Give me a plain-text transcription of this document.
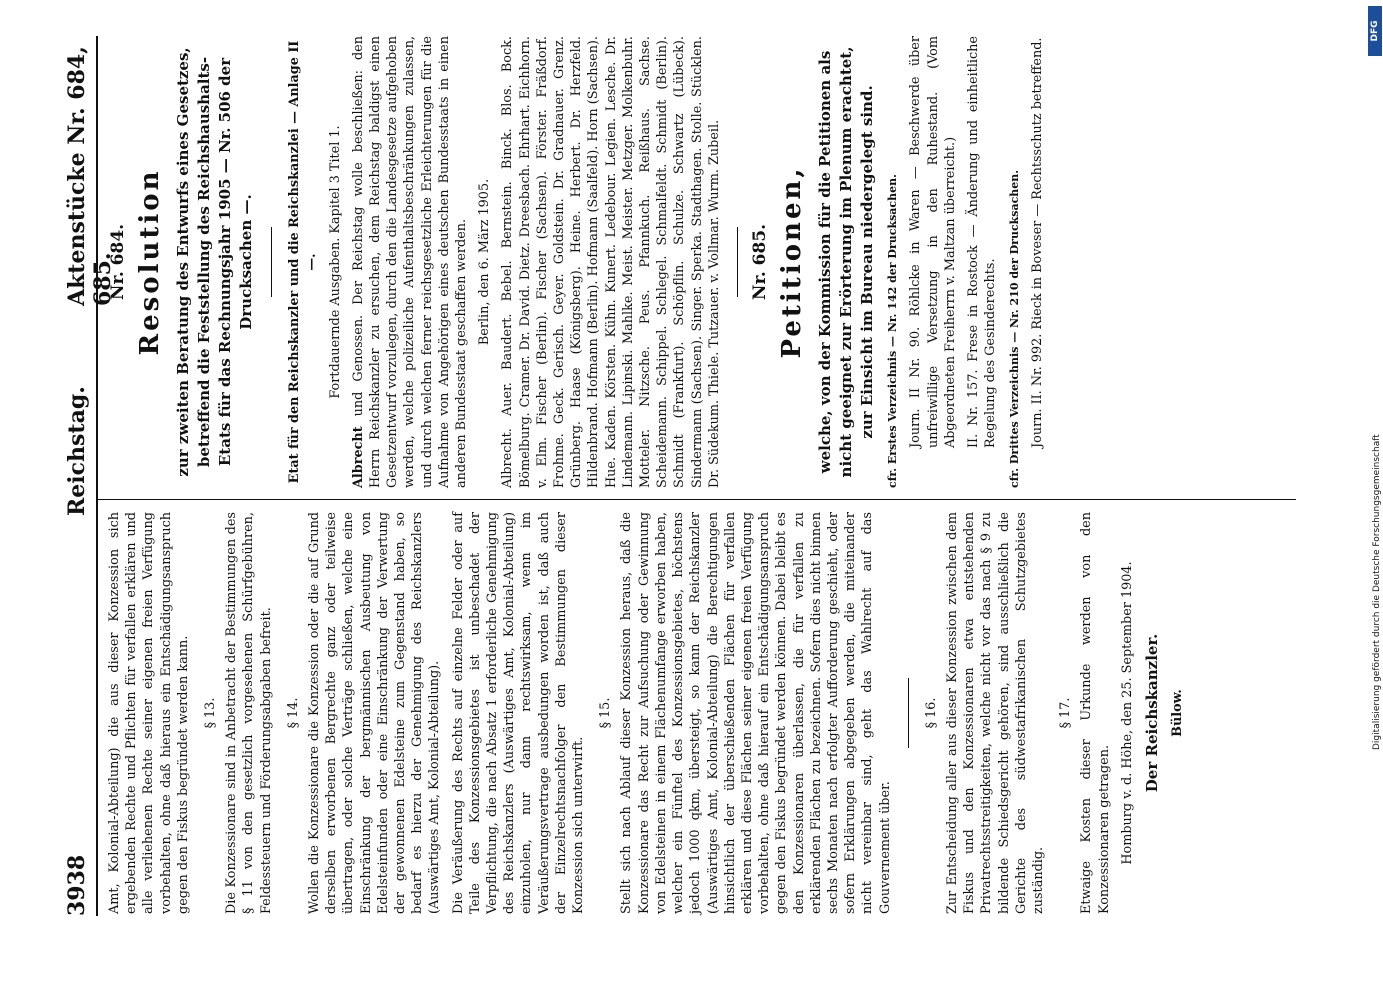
3938
Reichstag.
Aktenstücke Nr. 684, 685.

Amt, Kolonial-Abteilung) die aus dieser Konzession sich ergebenden Rechte und Pflichten für verfallen erklären und alle verliehenen Rechte seiner eigenen freien Verfügung vorbehalten, ohne daß hieraus ein Entschädigungsanspruch gegen den Fiskus begründet werden kann. § 13. Die Konzessionare sind in Anbetracht der Bestimmungen des § 11 von den gesetzlich vorgesehenen Schürfgebühren, Feldessteuern und Förderungsabgaben befreit. § 14. Wollen die Konzessionare die Konzession oder die auf Grund derselben erworbenen Bergrechte ganz oder teilweise übertragen, oder solche Verträge schließen, welche eine Einschränkung der bergmännischen Ausbeutung von Edelsteinfunden oder eine Einschränkung der Verwertung der gewonnenen Edelsteine zum Gegenstand haben, so bedarf es hierzu der Genehmigung des Reichskanzlers (Auswärtiges Amt, Kolonial-Abteilung). Die Veräußerung des Rechts auf einzelne Felder oder auf Teile des Konzessionsgebietes ist unbeschadet der Verpflichtung, die nach Absatz 1 erforderliche Genehmigung des Reichskanzlers (Auswärtiges Amt, Kolonial-Abteilung) einzuholen, nur dann rechtswirksam, wenn im Veräußerungsvertrage ausbedungen worden ist, daß auch der Einzelrechtsnachfolger den Bestimmungen dieser Konzession sich unterwirft.

§ 15. Stellt sich nach Ablauf dieser Konzession heraus, daß die Konzessionare das Recht zur Aufsuchung oder Gewinnung von Edelsteinen in einem Flächenumfange erworben haben, welcher ein Fünftel des Konzessionsgebietes, höchstens jedoch 1000 qkm, übersteigt, so kann der Reichskanzler (Auswärtiges Amt, Kolonial-Abteilung) die Berechtigungen hinsichtlich der überschießenden Flächen für verfallen erklären und diese Flächen seiner eigenen freien Verfügung vorbehalten, ohne daß hierauf ein Entschädigungsanspruch gegen den Fiskus begründet werden können. Dabei bleibt es den Konzessionaren überlassen, die für verfallen zu erklärenden Flächen zu bezeichnen. Sofern dies nicht binnen sechs Monaten nach erfolgter Aufforderung geschieht, oder sofern Erklärungen abgegeben werden, die miteinander nicht vereinbar sind, geht das Wahlrecht auf das Gouvernement über.

§ 16. Zur Entscheidung aller aus dieser Konzession zwischen dem Fiskus und den Konzessionaren etwa entstehenden Privatrechtsstreitigkeiten, welche nicht vor das nach § 9 zu bildende Schiedsgericht gehören, sind ausschließlich die Gerichte des südwestafrikanischen Schutzgebietes zuständig.

§ 17. Etwaige Kosten dieser Urkunde werden von den Konzessionaren getragen. Homburg v. d. Höhe, den 25. September 1904. Der Reichskanzler. Bülow.

Nr. 684. Resolution zur zweiten Beratung des Entwurfs eines Gesetzes, betreffend die Feststellung des Reichshaushalts-Etats für das Rechnungsjahr 1905 — Nr. 506 der Drucksachen —.	Etat für den Reichskanzler und die Reichskanzlei — Anlage II —. Fortdauernde Ausgaben. Kapitel 3 Titel 1.

Albrecht und Genossen. Der Reichstag wolle beschließen: den Herrn Reichskanzler zu ersuchen, dem Reichstag baldigst einen Gesetzentwurf vorzulegen, durch den die Landesgesetze aufgehoben werden, welche polizeiliche Aufenthaltsbeschränkungen zulassen, und durch welchen ferner reichsgesetzliche Erleichterungen für die Aufnahme von Angehörigen eines deutschen Bundesstaats in einen anderen Bundesstaat geschaffen werden. Berlin, den 6. März 1905. Albrecht. Auer. Baudert. Bebel. Bernstein. Binck. Blos. Bock. Bömelburg. Cramer. Dr. David. Dietz. Dreesbach. Ehrhart. Eichhorn. v. Elm. Fischer (Berlin). Fischer (Sachsen). Förster. Fräßdorf. Frohme. Geck. Gerisch. Geyer. Goldstein. Dr. Gradnauer. Grenz. Grünberg. Haase (Königsberg). Heine. Herbert. Dr. Herzfeld. Hildenbrand. Hofmann (Berlin). Hofmann (Saalfeld). Horn (Sachsen). Hue. Kaden. Körsten. Kühn. Kunert. Ledebour. Legien. Lesche. Dr. Lindemann. Lipinski. Mahlke. Meist. Meister. Metzger. Molkenbuhr. Motteler. Nitzsche. Peus. Pfannkuch. Reißhaus. Sachse. Scheidemann. Schippel. Schlegel. Schmalfeldt. Schmidt (Berlin). Schmidt (Frankfurt). Schöpflin. Schulze. Schwartz (Lübeck). Sindermann (Sachsen). Singer. Sperka. Stadthagen. Stolle. Stücklen. Dr. Südekum. Thiele. Tutzauer. v. Vollmar. Wurm. Zubeil. Nr. 685. Petitionen, welche, von der Kommission für die Petitionen als nicht geeignet zur Erörterung im Plenum erachtet, zur Einsicht im Bureau niedergelegt sind. cfr. Erstes Verzeichnis — Nr. 142 der Drucksachen. Journ. II Nr. 90. Röhlcke in Waren — Beschwerde über unfreiwillige Versetzung in den Ruhestand. (Vom Abgeordneten Freiherrn v. Maltzan überreicht.) II. Nr. 157. Frese in Rostock — Änderung und einheitliche Regelung des Gesinderechts. cfr. Drittes Verzeichnis — Nr. 210 der Drucksachen. Journ. II. Nr. 992. Rieck in Boveser — Rechtsschutz betreffend.

Digitalisierung gefördert durch die Deutsche Forschungsgemeinschaft
DFG
